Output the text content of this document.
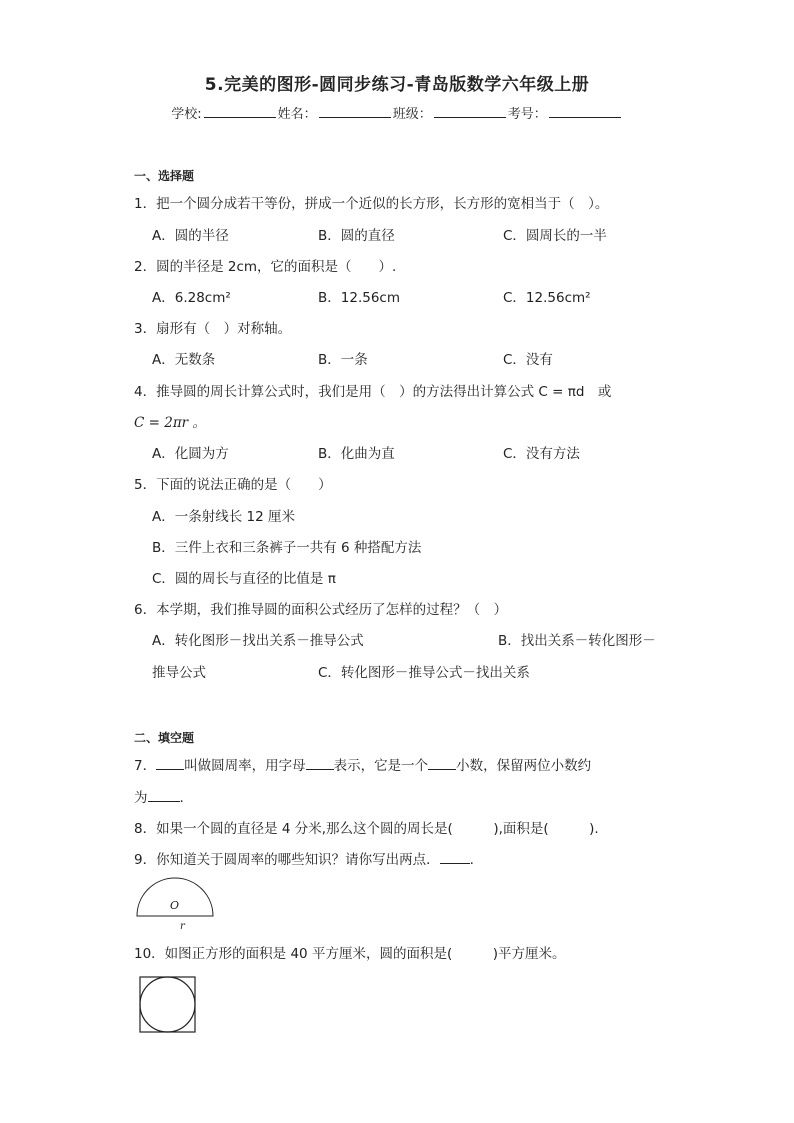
5.完美的图形-圆同步练习-青岛版数学六年级上册
学校:	姓名：	班级：	考号：
一、选择题
1．把一个圆分成若干等份，拼成一个近似的长方形，长方形的宽相当于（　）。
A．圆的半径	B．圆的直径	C．圆周长的一半
2．圆的半径是 2cm，它的面积是（　　）.
A．6.28cm²	B．12.56cm	C．12.56cm²
3．扇形有（　）对称轴。
A．无数条	B．一条	C．没有
4．推导圆的周长计算公式时，我们是用（　）的方法得出计算公式 C = πd　或
C = 2πr 。
A．化圆为方	B．化曲为直	C．没有方法
5．下面的说法正确的是（　　）
A．一条射线长 12 厘米
B．三件上衣和三条裤子一共有 6 种搭配方法
C．圆的周长与直径的比值是 π
6．本学期，我们推导圆的面积公式经历了怎样的过程？（　）
A．转化图形－找出关系－推导公式	B．找出关系－转化图形－
推导公式	C．转化图形－推导公式－找出关系
二、填空题
7． 叫做圆周率，用字母 表示，它是一个 小数，保留两位小数约
为 .
8．如果一个圆的直径是 4 分米,那么这个圆的周长是(　　　),面积是(　　　).
9．你知道关于圆周率的哪些知识？请你写出两点． .
O
r
10．如图正方形的面积是 40 平方厘米，圆的面积是(　　　)平方厘米。
